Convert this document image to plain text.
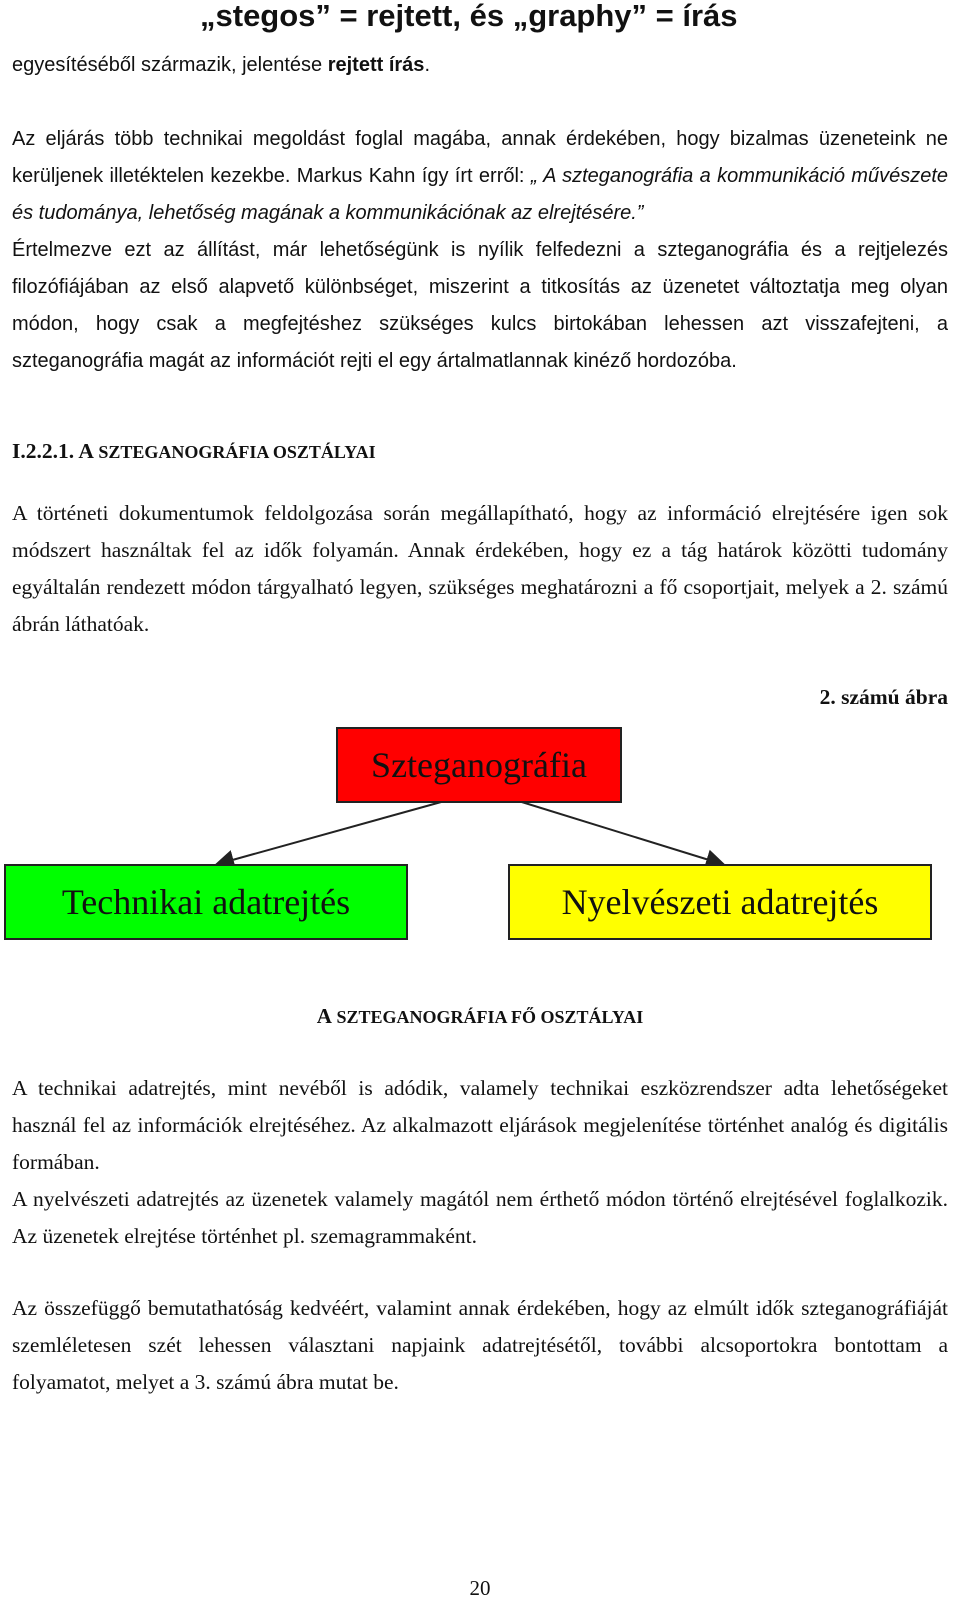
„stegos” = rejtett, és „graphy” = írás

egyesítéséből származik, jelentése rejtett írás.

Az eljárás több technikai megoldást foglal magába, annak érdekében, hogy bizalmas üzeneteink ne kerüljenek illetéktelen kezekbe. Markus Kahn így írt erről: „ A szteganográfia a kommunikáció művészete és tudománya, lehetőség magának a kommunikációnak az elrejtésére.”

Értelmezve ezt az állítást, már lehetőségünk is nyílik felfedezni a szteganográfia és a rejtjelezés filozófiájában az első alapvető különbséget, miszerint a titkosítás az üzenetet változtatja meg olyan módon, hogy csak a megfejtéshez szükséges kulcs birtokában lehessen azt visszafejteni, a szteganográfia magát az információt rejti el egy ártalmatlannak kinéző hordozóba.

I.2.2.1. A SZTEGANOGRÁFIA OSZTÁLYAI

A történeti dokumentumok feldolgozása során megállapítható, hogy az információ elrejtésére igen sok módszert használtak fel az idők folyamán. Annak érdekében, hogy ez a tág határok közötti tudomány egyáltalán rendezett módon tárgyalható legyen, szükséges meghatározni a fő csoportjait, melyek a 2. számú ábrán láthatóak.

2. számú ábra
Szteganográfia
Technikai adatrejtés	Nyelvészeti adatrejtés
A SZTEGANOGRÁFIA FŐ OSZTÁLYAI

A technikai adatrejtés, mint nevéből is adódik, valamely technikai eszközrendszer adta lehetőségeket használ fel az információk elrejtéséhez. Az alkalmazott eljárások megjelenítése történhet analóg és digitális formában.

A nyelvészeti adatrejtés az üzenetek valamely magától nem érthető módon történő elrejtésével foglalkozik. Az üzenetek elrejtése történhet pl. szemagrammaként.

Az összefüggő bemutathatóság kedvéért, valamint annak érdekében, hogy az elmúlt idők szteganográfiáját szemléletesen szét lehessen választani napjaink adatrejtésétől, további alcsoportokra bontottam a folyamatot, melyet a 3. számú ábra mutat be.

20
